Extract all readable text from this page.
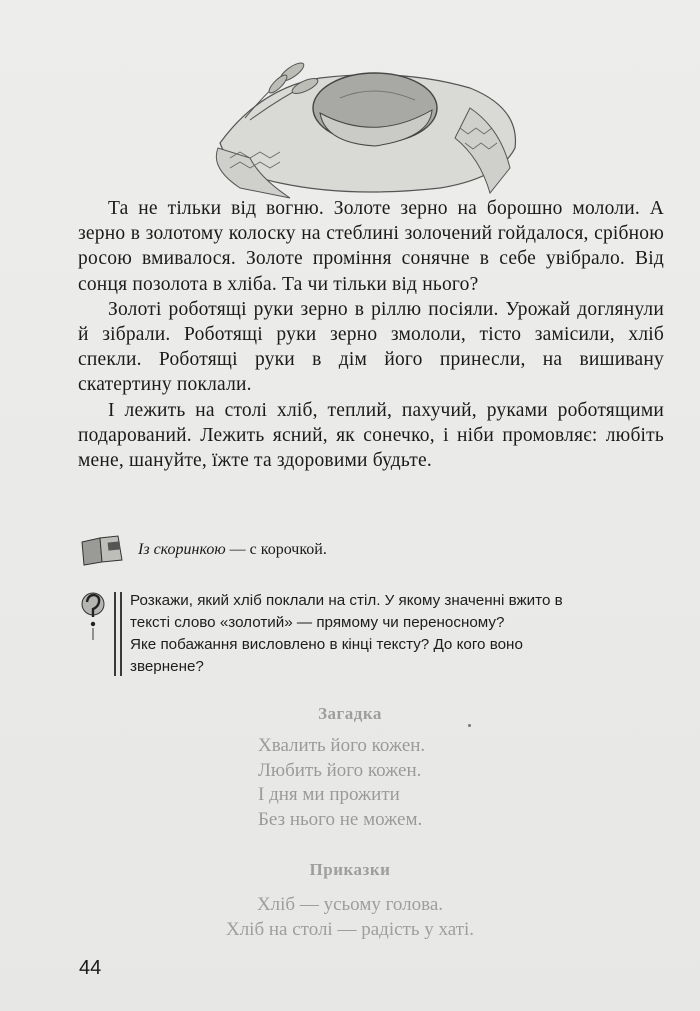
Та не тільки від вогню. Золоте зерно на борошно мололи. А зерно в золотому колоску на стеблині золочений гойдалося, срібною росою вмивалося. Золоте проміння сонячне в себе увібрало. Від сонця позолота в хліба. Та чи тільки від нього?

Золоті роботящі руки зерно в ріллю посіяли. Урожай доглянули й зібрали. Роботящі руки зерно змололи, тісто замісили, хліб спекли. Роботящі руки в дім його принесли, на вишивану скатертину поклали.

І лежить на столі хліб, теплий, пахучий, руками роботящими подарований. Лежить ясний, як сонечко, і ніби промовляє: любіть мене, шануйте, їжте та здоровими будьте.

Із скоринкою — с корочкой.

Розкажи, який хліб поклали на стіл. У якому значенні вжито в

тексті слово «золотий» — прямому чи переносному?

Яке побажання висловлено в кінці тексту? До кого воно

звернене?

Загадка
Хвалить його кожен.
Любить його кожен.
І дня ми прожити
Без нього не можем.
Приказки
Хліб — усьому голова.
Хліб на столі — радість у хаті.
44
